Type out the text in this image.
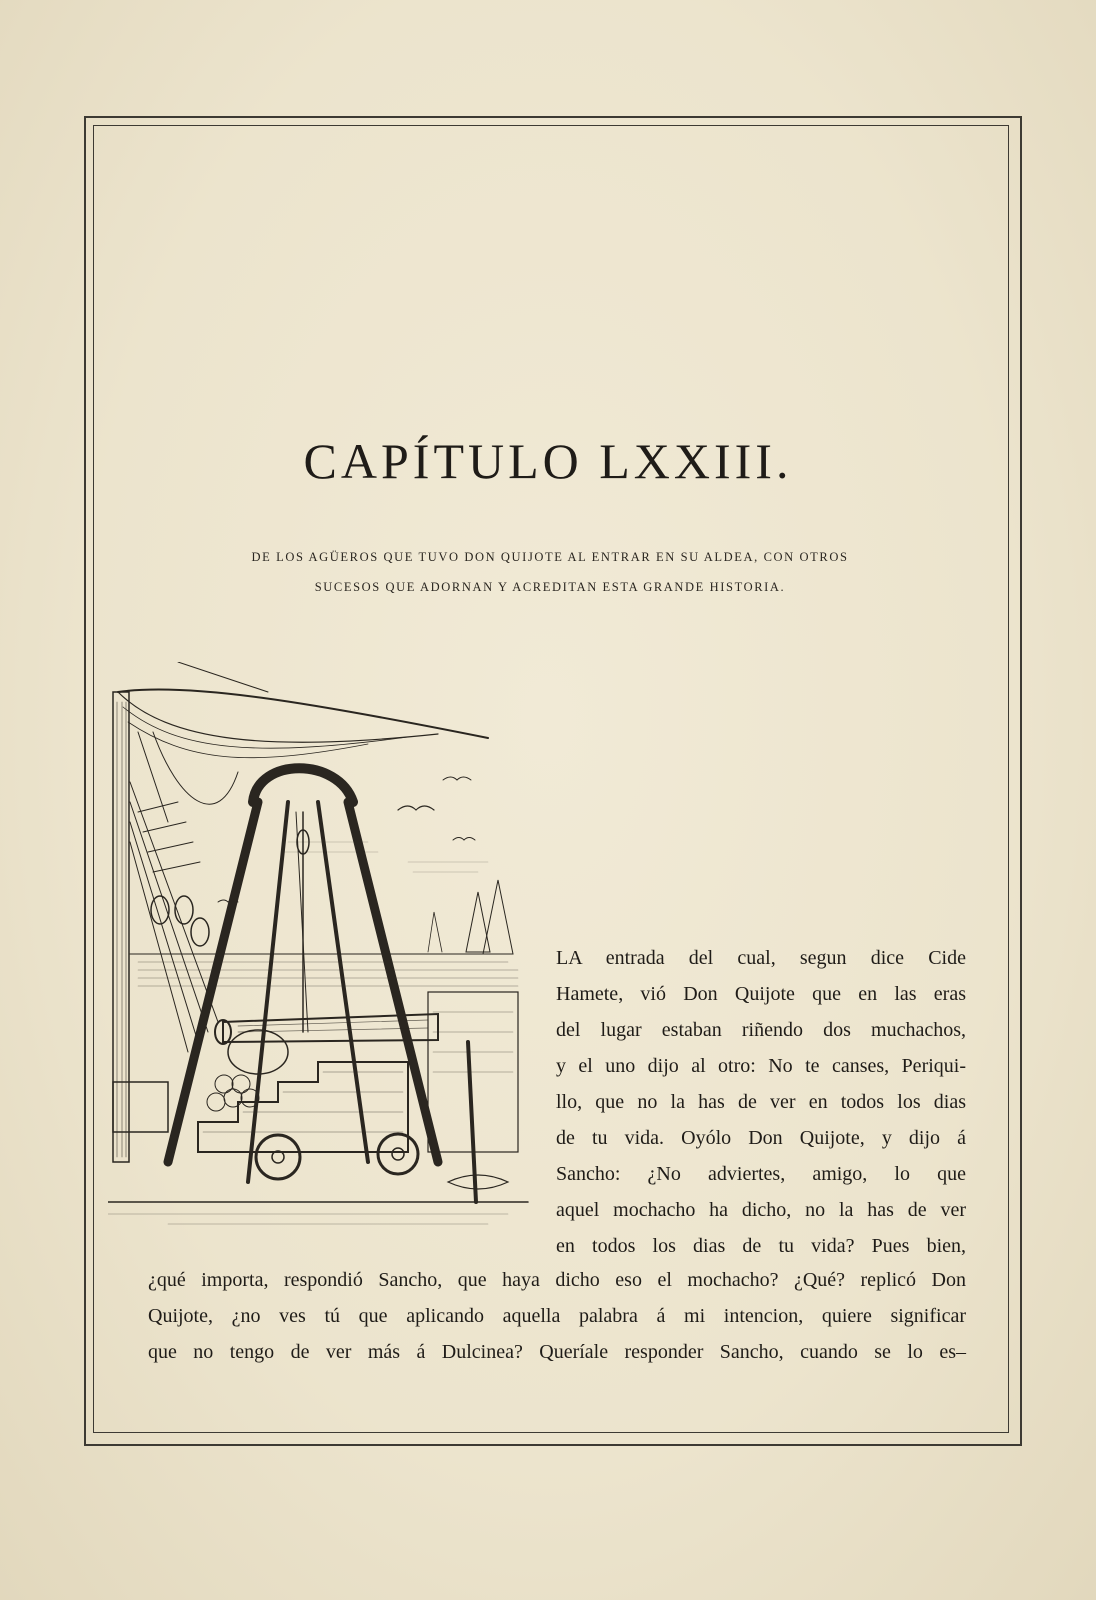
CAPÍTULO LXXIII.
DE LOS AGÜEROS QUE TUVO DON QUIJOTE AL ENTRAR EN SU ALDEA, CON OTROS
SUCESOS QUE ADORNAN Y ACREDITAN ESTA GRANDE HISTORIA.
LA entrada del cual, segun dice Cide
Hamete, vió Don Quijote que en las eras
del lugar estaban riñendo dos muchachos,
y el uno dijo al otro: No te canses, Periqui-
llo, que no la has de ver en todos los dias
de tu vida. Oyólo Don Quijote, y dijo á
Sancho: ¿No adviertes, amigo, lo que
aquel mochacho ha dicho, no la has de ver
en todos los dias de tu vida? Pues bien,
¿qué importa, respondió Sancho, que haya dicho eso el mochacho? ¿Qué? replicó Don
Quijote, ¿no ves tú que aplicando aquella palabra á mi intencion, quiere significar
que no tengo de ver más á Dulcinea? Queríale responder Sancho, cuando se lo es–
